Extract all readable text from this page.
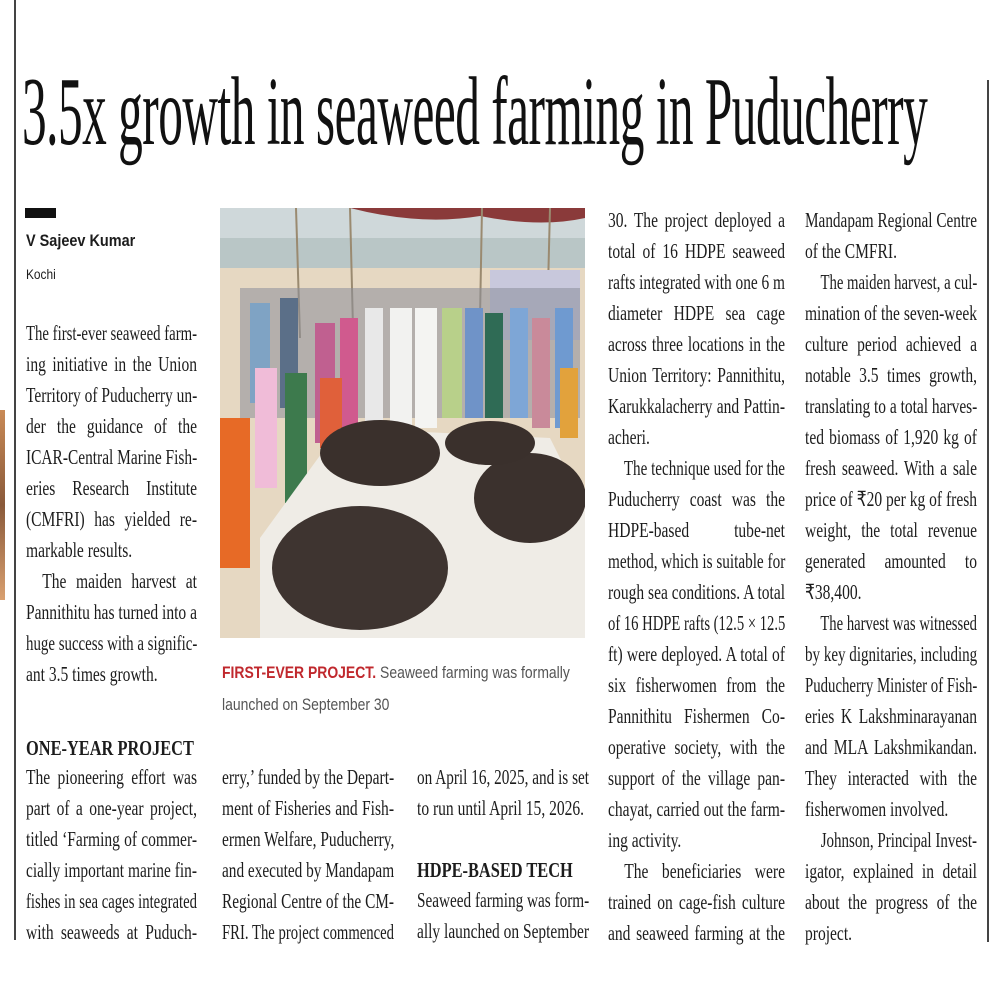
3.5x growth in seaweed farming in Puducherry
V Sajeev Kumar
Kochi
The first-ever seaweed farm-
ing initiative in the Union
Territory of Puducherry un-
der the guidance of the
ICAR-Central Marine Fish-
eries Research Institute
(CMFRI) has yielded re-
markable results.
The maiden harvest at
Pannithitu has turned into a
huge success with a signific-
ant 3.5 times growth.	FIRST-EVER PROJECT. Seaweed farming was formally
launched on September 30
ONE-YEAR PROJECT
The pioneering effort was
part of a one-year project,
titled ‘Farming of commer-
cially important marine fin-
fishes in sea cages integrated
with seaweeds at Puduch-
erry,’ funded by the Depart-
ment of Fisheries and Fish-
ermen Welfare, Puducherry,
and executed by Mandapam
Regional Centre of the CM-
FRI. The project commenced
on April 16, 2025, and is set
to run until April 15, 2026.
HDPE-BASED TECH
Seaweed farming was form-
ally launched on September
30. The project deployed a
total of 16 HDPE seaweed
rafts integrated with one 6 m
diameter HDPE sea cage
across three locations in the
Union Territory: Pannithitu,
Karukkalacherry and Pattin-
acheri.
The technique used for the
Puducherry coast was the
HDPE-based tube-net
method, which is suitable for
rough sea conditions. A total
of 16 HDPE rafts (12.5 × 12.5
ft) were deployed. A total of
six fisherwomen from the
Pannithitu Fishermen Co-
operative society, with the
support of the village pan-
chayat, carried out the farm-
ing activity.
The beneficiaries were
trained on cage-fish culture
and seaweed farming at the
Mandapam Regional Centre
of the CMFRI.
The maiden harvest, a cul-
mination of the seven-week
culture period achieved a
notable 3.5 times growth,
translating to a total harves-
ted biomass of 1,920 kg of
fresh seaweed. With a sale
price of ₹20 per kg of fresh
weight, the total revenue
generated amounted to
₹38,400.
The harvest was witnessed
by key dignitaries, including
Puducherry Minister of Fish-
eries K Lakshminarayanan
and MLA Lakshmikandan.
They interacted with the
fisherwomen involved.
Johnson, Principal Invest-
igator, explained in detail
about the progress of the
project.
